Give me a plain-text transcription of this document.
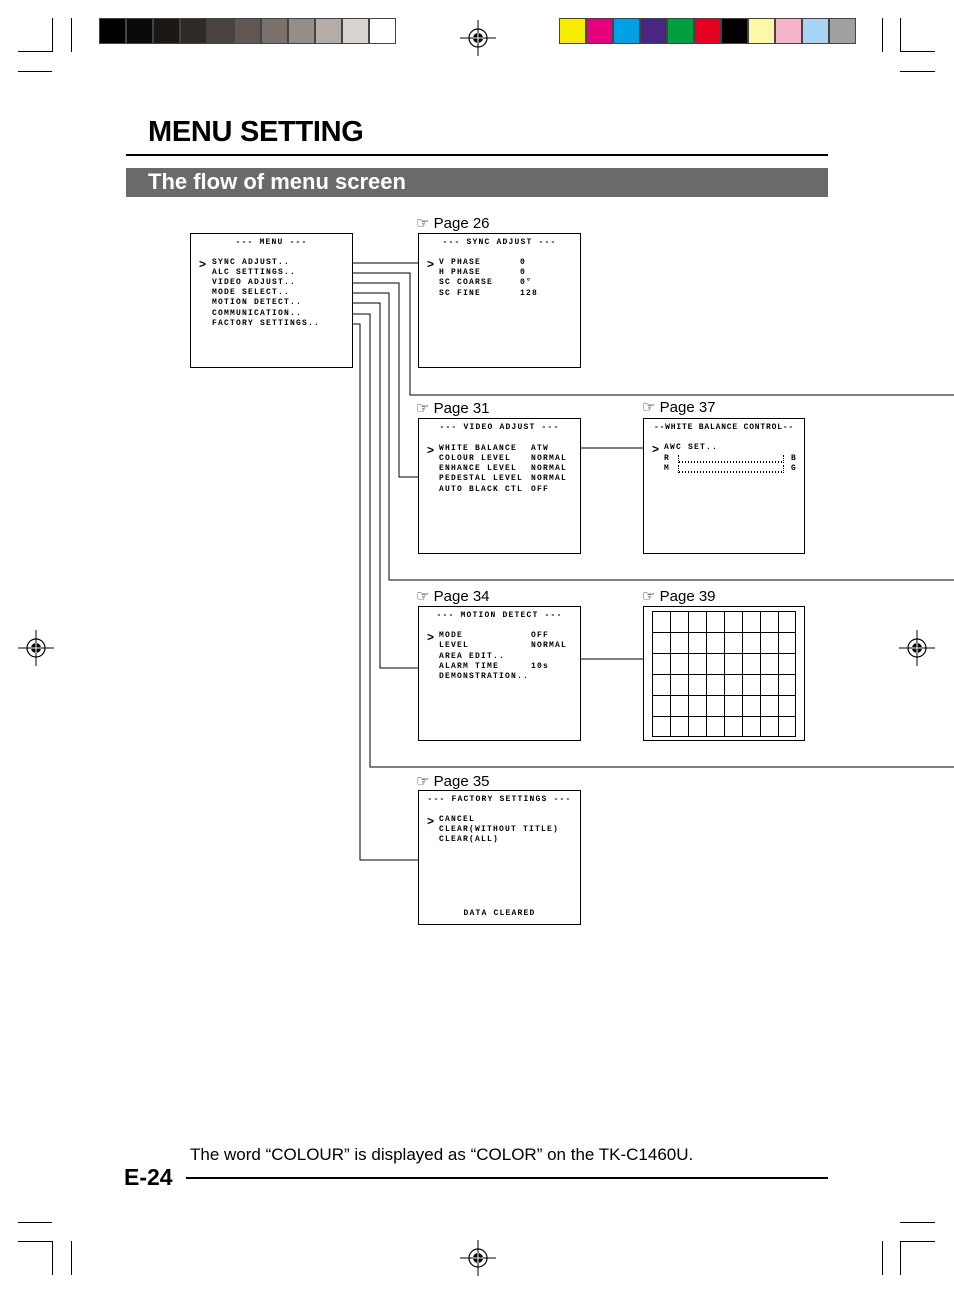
MENU SETTING
The flow of menu screen
--- MENU ---
> SYNC ADJUST..
ALC SETTINGS..
VIDEO ADJUST..
MODE SELECT..
MOTION DETECT..
COMMUNICATION..
FACTORY SETTINGS..
☞ Page 26
--- SYNC ADJUST ---
> V PHASE	0
H PHASE	0
SC COARSE	0°
SC FINE	128
☞ Page 31
--- VIDEO ADJUST ---
> WHITE BALANCE ATW
COLOUR LEVEL NORMAL
ENHANCE LEVEL NORMAL
PEDESTAL LEVEL NORMAL
AUTO BLACK CTL OFF
☞ Page 37
--WHITE BALANCE CONTROL--
> AWC SET..
R	B
M	G
☞ Page 34
--- MOTION DETECT ---
> MODE	OFF
LEVEL	NORMAL
AREA EDIT..
ALARM TIME	10s
DEMONSTRATION..
☞ Page 39
☞ Page 35
--- FACTORY SETTINGS ---
> CANCEL
CLEAR(WITHOUT TITLE)
CLEAR(ALL)
DATA CLEARED
The word “COLOUR” is displayed as “COLOR” on the TK-C1460U.
E-24
